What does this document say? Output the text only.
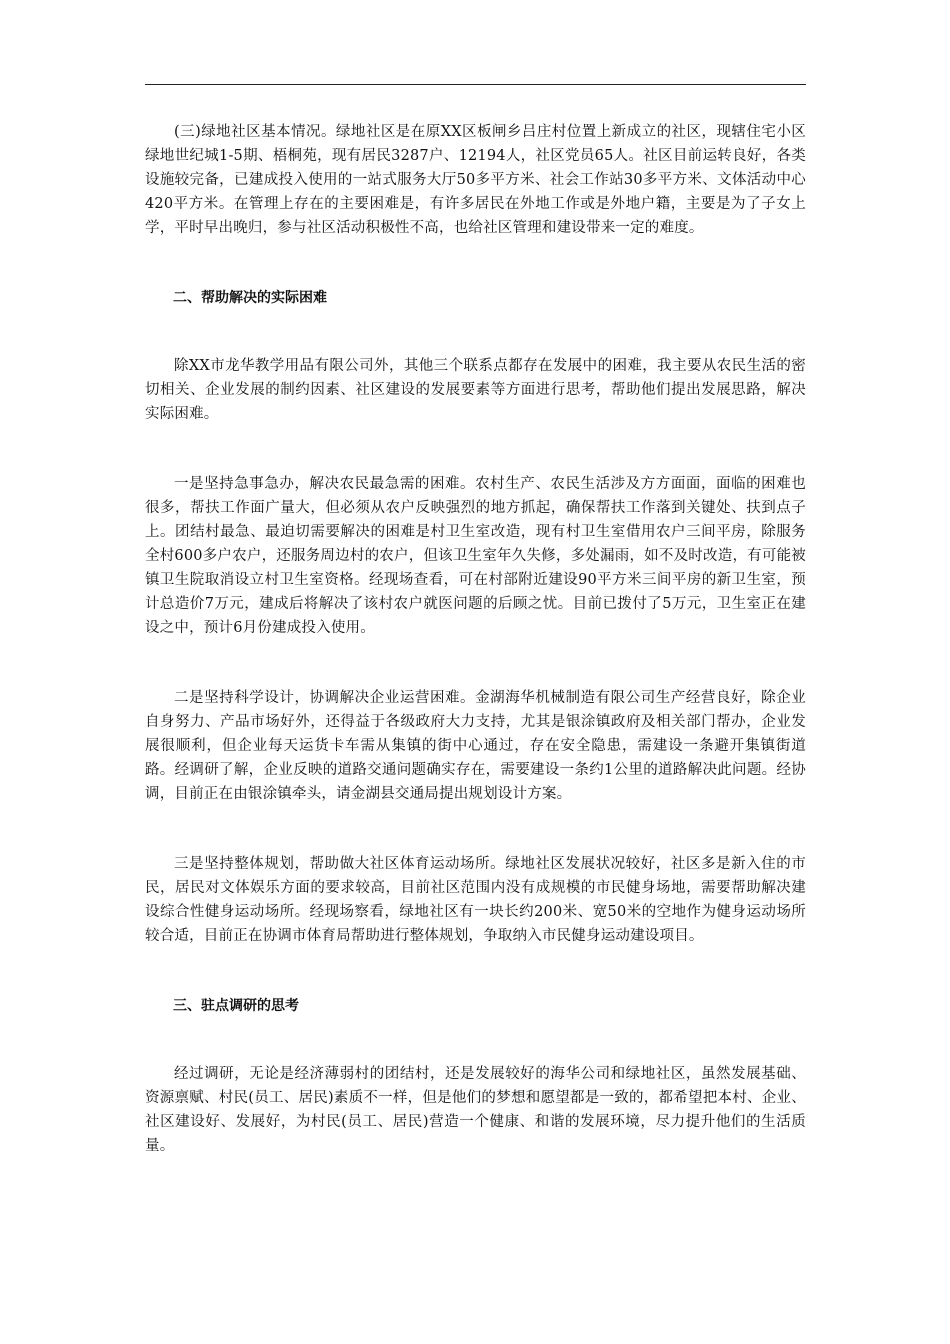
(三)绿地社区基本情况。绿地社区是在原XX区板闸乡吕庄村位置上新成立的社区，现辖住宅小区绿地世纪城1-5期、梧桐苑，现有居民3287户、12194人，社区党员65人。社区目前运转良好，各类设施较完备，已建成投入使用的一站式服务大厅50多平方米、社会工作站30多平方米、文体活动中心420平方米。在管理上存在的主要困难是，有许多居民在外地工作或是外地户籍，主要是为了子女上学，平时早出晚归，参与社区活动积极性不高，也给社区管理和建设带来一定的难度。

二、帮助解决的实际困难

除XX市龙华教学用品有限公司外，其他三个联系点都存在发展中的困难，我主要从农民生活的密切相关、企业发展的制约因素、社区建设的发展要素等方面进行思考，帮助他们提出发展思路，解决实际困难。

一是坚持急事急办，解决农民最急需的困难。农村生产、农民生活涉及方方面面，面临的困难也很多，帮扶工作面广量大，但必须从农户反映强烈的地方抓起，确保帮扶工作落到关键处、扶到点子上。团结村最急、最迫切需要解决的困难是村卫生室改造，现有村卫生室借用农户三间平房，除服务全村600多户农户，还服务周边村的农户，但该卫生室年久失修，多处漏雨，如不及时改造，有可能被镇卫生院取消设立村卫生室资格。经现场查看，可在村部附近建设90平方米三间平房的新卫生室，预计总造价7万元，建成后将解决了该村农户就医问题的后顾之忧。目前已拨付了5万元，卫生室正在建设之中，预计6月份建成投入使用。

二是坚持科学设计，协调解决企业运营困难。金湖海华机械制造有限公司生产经营良好，除企业自身努力、产品市场好外，还得益于各级政府大力支持，尤其是银涂镇政府及相关部门帮办，企业发展很顺利，但企业每天运货卡车需从集镇的街中心通过，存在安全隐患，需建设一条避开集镇街道路。经调研了解，企业反映的道路交通问题确实存在，需要建设一条约1公里的道路解决此问题。经协调，目前正在由银涂镇牵头，请金湖县交通局提出规划设计方案。

三是坚持整体规划，帮助做大社区体育运动场所。绿地社区发展状况较好，社区多是新入住的市民，居民对文体娱乐方面的要求较高，目前社区范围内没有成规模的市民健身场地，需要帮助解决建设综合性健身运动场所。经现场察看，绿地社区有一块长约200米、宽50米的空地作为健身运动场所较合适，目前正在协调市体育局帮助进行整体规划，争取纳入市民健身运动建设项目。

三、驻点调研的思考

经过调研，无论是经济薄弱村的团结村，还是发展较好的海华公司和绿地社区，虽然发展基础、资源禀赋、村民(员工、居民)素质不一样，但是他们的梦想和愿望都是一致的，都希望把本村、企业、社区建设好、发展好，为村民(员工、居民)营造一个健康、和谐的发展环境，尽力提升他们的生活质量。
